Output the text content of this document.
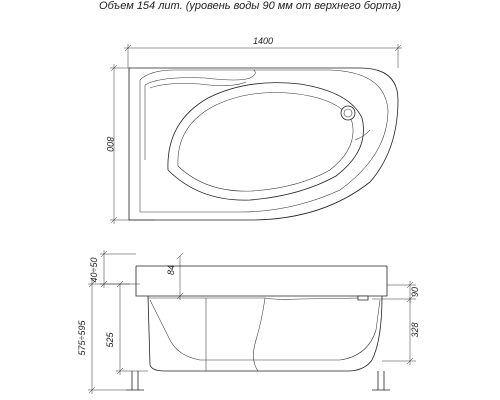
Объем 154 лит. (уровень воды 90 мм от верхнего борта)
1400
800
40÷50	84
575÷595 525
90
328
